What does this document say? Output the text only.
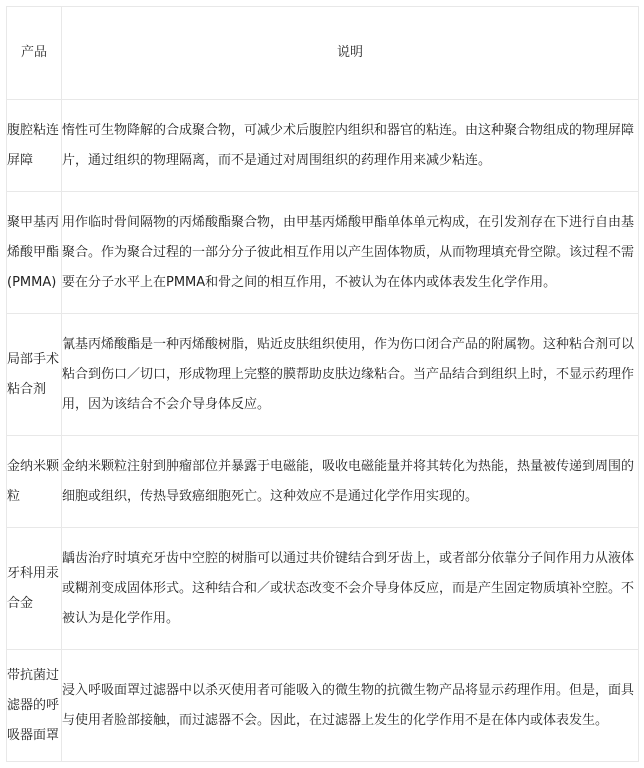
产品	说明
腹腔粘连屏障	惰性可生物降解的合成聚合物，可减少术后腹腔内组织和器官的粘连。由这种聚合物组成的物理屏障片，通过组织的物理隔离，而不是通过对周围组织的药理作用来减少粘连。
聚甲基丙烯酸甲酯(PMMA)	用作临时骨间隔物的丙烯酸酯聚合物，由甲基丙烯酸甲酯单体单元构成，在引发剂存在下进行自由基聚合。作为聚合过程的一部分分子彼此相互作用以产生固体物质，从而物理填充骨空隙。该过程不需要在分子水平上在PMMA和骨之间的相互作用，不被认为在体内或体表发生化学作用。
局部手术粘合剂	氰基丙烯酸酯是一种丙烯酸树脂，贴近皮肤组织使用，作为伤口闭合产品的附属物。这种粘合剂可以粘合到伤口／切口，形成物理上完整的膜帮助皮肤边缘粘合。当产品结合到组织上时，不显示药理作用，因为该结合不会介导身体反应。
金纳米颗粒	金纳米颗粒注射到肿瘤部位并暴露于电磁能，吸收电磁能量并将其转化为热能，热量被传递到周围的细胞或组织，传热导致癌细胞死亡。这种效应不是通过化学作用实现的。
牙科用汞合金	龋齿治疗时填充牙齿中空腔的树脂可以通过共价键结合到牙齿上，或者部分依靠分子间作用力从液体或糊剂变成固体形式。这种结合和／或状态改变不会介导身体反应，而是产生固定物质填补空腔。不被认为是化学作用。
带抗菌过滤器的呼吸器面罩	浸入呼吸面罩过滤器中以杀灭使用者可能吸入的微生物的抗微生物产品将显示药理作用。但是，面具与使用者脸部接触，而过滤器不会。因此，在过滤器上发生的化学作用不是在体内或体表发生。
